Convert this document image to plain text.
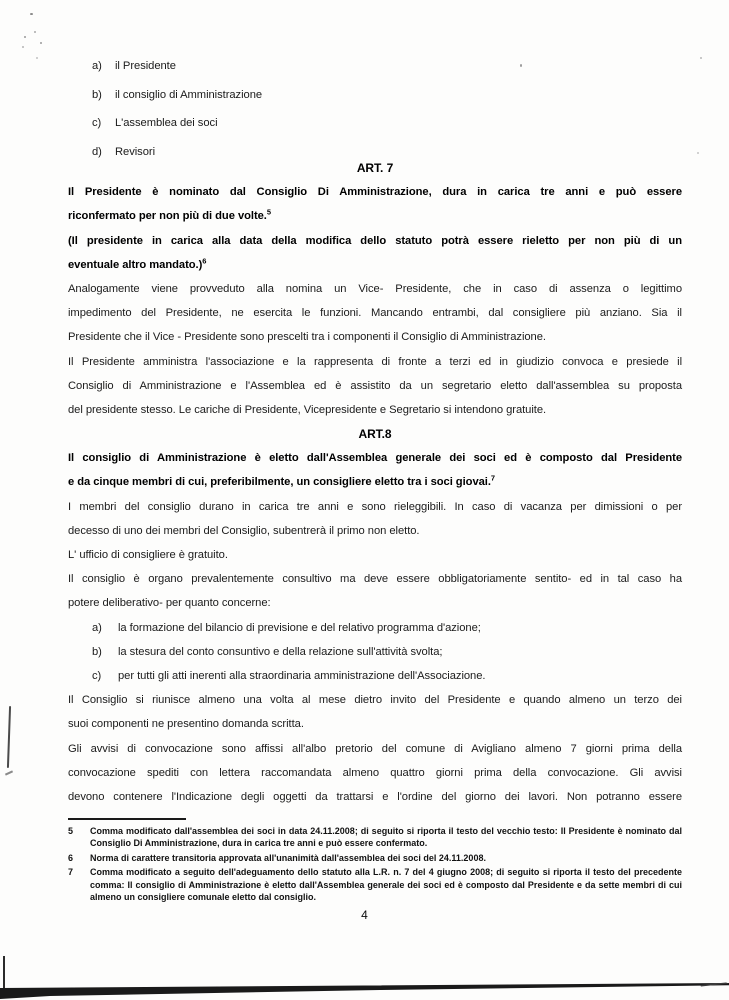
a) il Presidente
b) il consiglio di Amministrazione
c) L'assemblea dei soci
d) Revisori
ART. 7
Il Presidente è nominato dal Consiglio Di Amministrazione, dura in carica tre anni e può essere
riconfermato per non più di due volte.$^5$
(Il presidente in carica alla data della modifica dello statuto potrà essere rieletto per non più di un
eventuale altro mandato.)$^6$
Analogamente viene provveduto alla nomina un Vice- Presidente, che in caso di assenza o legittimo
impedimento del Presidente, ne esercita le funzioni. Mancando entrambi, dal consigliere più anziano. Sia il
Presidente che il Vice - Presidente sono prescelti tra i componenti il Consiglio di Amministrazione.
Il Presidente amministra l'associazione e la rappresenta di fronte a terzi ed in giudizio convoca e presiede il
Consiglio di Amministrazione e l'Assemblea ed è assistito da un segretario eletto dall'assemblea su proposta
del presidente stesso. Le cariche di Presidente, Vicepresidente e Segretario si intendono gratuite.
ART.8
Il consiglio di Amministrazione è eletto dall'Assemblea generale dei soci ed è composto dal Presidente
e da cinque membri di cui, preferibilmente, un consigliere eletto tra i soci giovai.$^7$
I membri del consiglio durano in carica tre anni e sono rieleggibili. In caso di vacanza per dimissioni o per
decesso di uno dei membri del Consiglio, subentrerà il primo non eletto.
L' ufficio di consigliere è gratuito.
Il consiglio è organo prevalentemente consultivo ma deve essere obbligatoriamente sentito- ed in tal caso ha
potere deliberativo- per quanto concerne:
a) la formazione del bilancio di previsione e del relativo programma d'azione;
b) la stesura del conto consuntivo e della relazione sull'attività svolta;
c) per tutti gli atti inerenti alla straordinaria amministrazione dell'Associazione.
Il Consiglio si riunisce almeno una volta al mese dietro invito del Presidente e quando almeno un terzo dei
suoi componenti ne presentino domanda scritta.
Gli avvisi di convocazione sono affissi all'albo pretorio del comune di Avigliano almeno 7 giorni prima della
convocazione spediti con lettera raccomandata almeno quattro giorni prima della convocazione. Gli avvisi
devono contenere l'Indicazione degli oggetti da trattarsi e l'ordine del giorno dei lavori. Non potranno essere
5	Comma modificato dall'assemblea dei soci in data 24.11.2008; di seguito si riporta il testo del vecchio testo: Il Presidente è nominato dal Consiglio Di Amministrazione, dura in carica tre anni e può essere confermato.
6	Norma di carattere transitoria approvata all'unanimità dall'assemblea dei soci del 24.11.2008.
7	Comma modificato a seguito dell'adeguamento dello statuto alla L.R. n. 7 del 4 giugno 2008; di seguito si riporta il testo del precedente comma: Il consiglio di Amministrazione è eletto dall'Assemblea generale dei soci ed è composto dal Presidente e da sette membri di cui almeno un consigliere comunale eletto dal consiglio.
4
